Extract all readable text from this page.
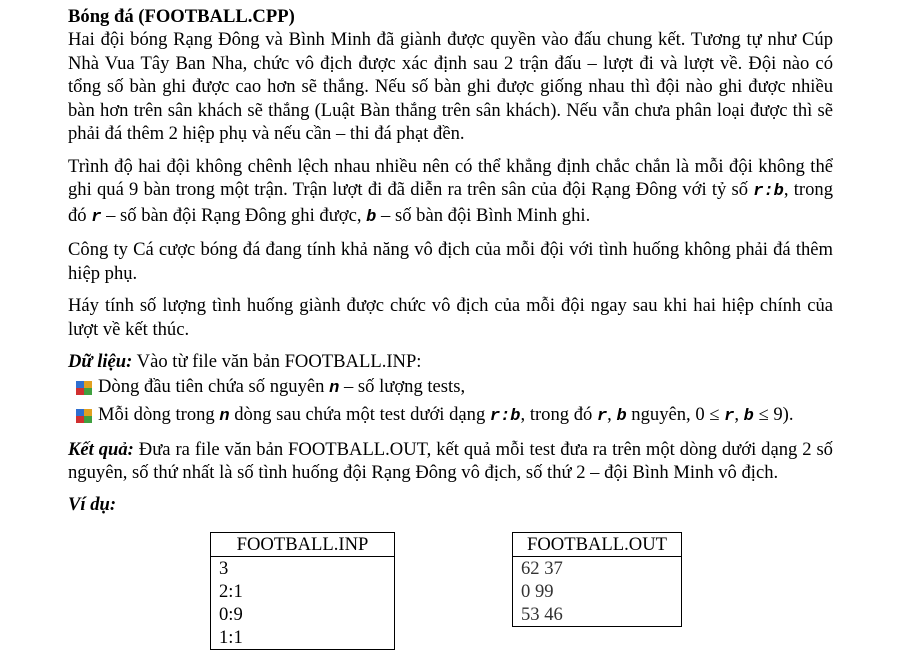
Bóng đá (FOOTBALL.CPP)

Hai đội bóng Rạng Đông và Bình Minh đã giành được quyền vào đấu chung kết. Tương tự như Cúp Nhà Vua Tây Ban Nha, chức vô địch được xác định sau 2 trận đấu – lượt đi và lượt về. Đội nào có tổng số bàn ghi được cao hơn sẽ thắng. Nếu số bàn ghi được giống nhau thì đội nào ghi được nhiều bàn hơn trên sân khách sẽ thắng (Luật Bàn thắng trên sân khách). Nếu vẫn chưa phân loại được thì sẽ phải đá thêm 2 hiệp phụ và nếu cần – thi đá phạt đền.

Trình độ hai đội không chênh lệch nhau nhiều nên có thể khẳng định chắc chắn là mỗi đội không thể ghi quá 9 bàn trong một trận. Trận lượt đi đã diễn ra trên sân của đội Rạng Đông với tỷ số r:b, trong đó r – số bàn đội Rạng Đông ghi được, b – số bàn đội Bình Minh ghi.

Công ty Cá cược bóng đá đang tính khả năng vô địch của mỗi đội với tình huống không phải đá thêm hiệp phụ.

Háy tính số lượng tình huống giành được chức vô địch của mỗi đội ngay sau khi hai hiệp chính của lượt về kết thúc.

Dữ liệu: Vào từ file văn bản FOOTBALL.INP:

Dòng đầu tiên chứa số nguyên n – số lượng tests,

Mỗi dòng trong n dòng sau chứa một test dưới dạng r:b, trong đó r, b nguyên, 0 ≤ r, b ≤ 9).

Kết quả: Đưa ra file văn bản FOOTBALL.OUT, kết quả mỗi test đưa ra trên một dòng dưới dạng 2 số nguyên, số thứ nhất là số tình huống đội Rạng Đông vô địch, số thứ 2 – đội Bình Minh vô địch.

Ví dụ:

FOOTBALL.INP
3
2:1
0:9
1:1
FOOTBALL.OUT
62 37
0 99
53 46
